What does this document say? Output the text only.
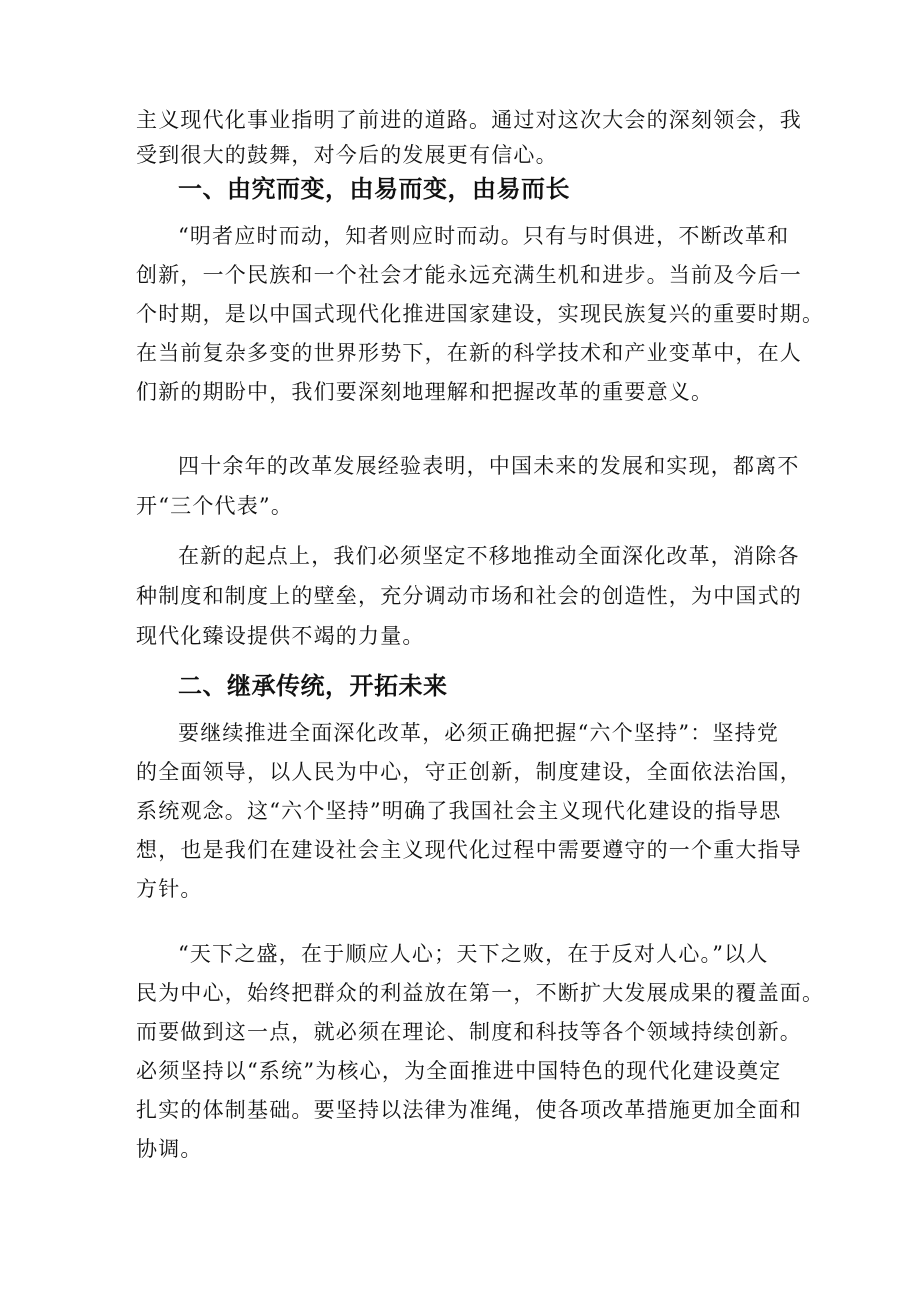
主义现代化事业指明了前进的道路。通过对这次大会的深刻领会，我
受到很大的鼓舞，对今后的发展更有信心。
一、由究而变，由易而变，由易而长
“明者应时而动，知者则应时而动。只有与时俱进，不断改革和
创新，一个民族和一个社会才能永远充满生机和进步。当前及今后一
个时期，是以中国式现代化推进国家建设，实现民族复兴的重要时期。
在当前复杂多变的世界形势下，在新的科学技术和产业变革中，在人
们新的期盼中，我们要深刻地理解和把握改革的重要意义。
四十余年的改革发展经验表明，中国未来的发展和实现，都离不
开“三个代表”。
在新的起点上，我们必须坚定不移地推动全面深化改革，消除各
种制度和制度上的壁垒，充分调动市场和社会的创造性，为中国式的
现代化臻设提供不竭的力量。
二、继承传统，开拓未来
要继续推进全面深化改革，必须正确把握“六个坚持”：坚持党
的全面领导，以人民为中心，守正创新，制度建设，全面依法治国，
系统观念。这“六个坚持”明确了我国社会主义现代化建设的指导思
想，也是我们在建设社会主义现代化过程中需要遵守的一个重大指导
方针。
“天下之盛，在于顺应人心；天下之败，在于反对人心。”以人
民为中心，始终把群众的利益放在第一，不断扩大发展成果的覆盖面。
而要做到这一点，就必须在理论、制度和科技等各个领域持续创新。
必须坚持以“系统”为核心，为全面推进中国特色的现代化建设奠定
扎实的体制基础。要坚持以法律为准绳，使各项改革措施更加全面和
协调。
